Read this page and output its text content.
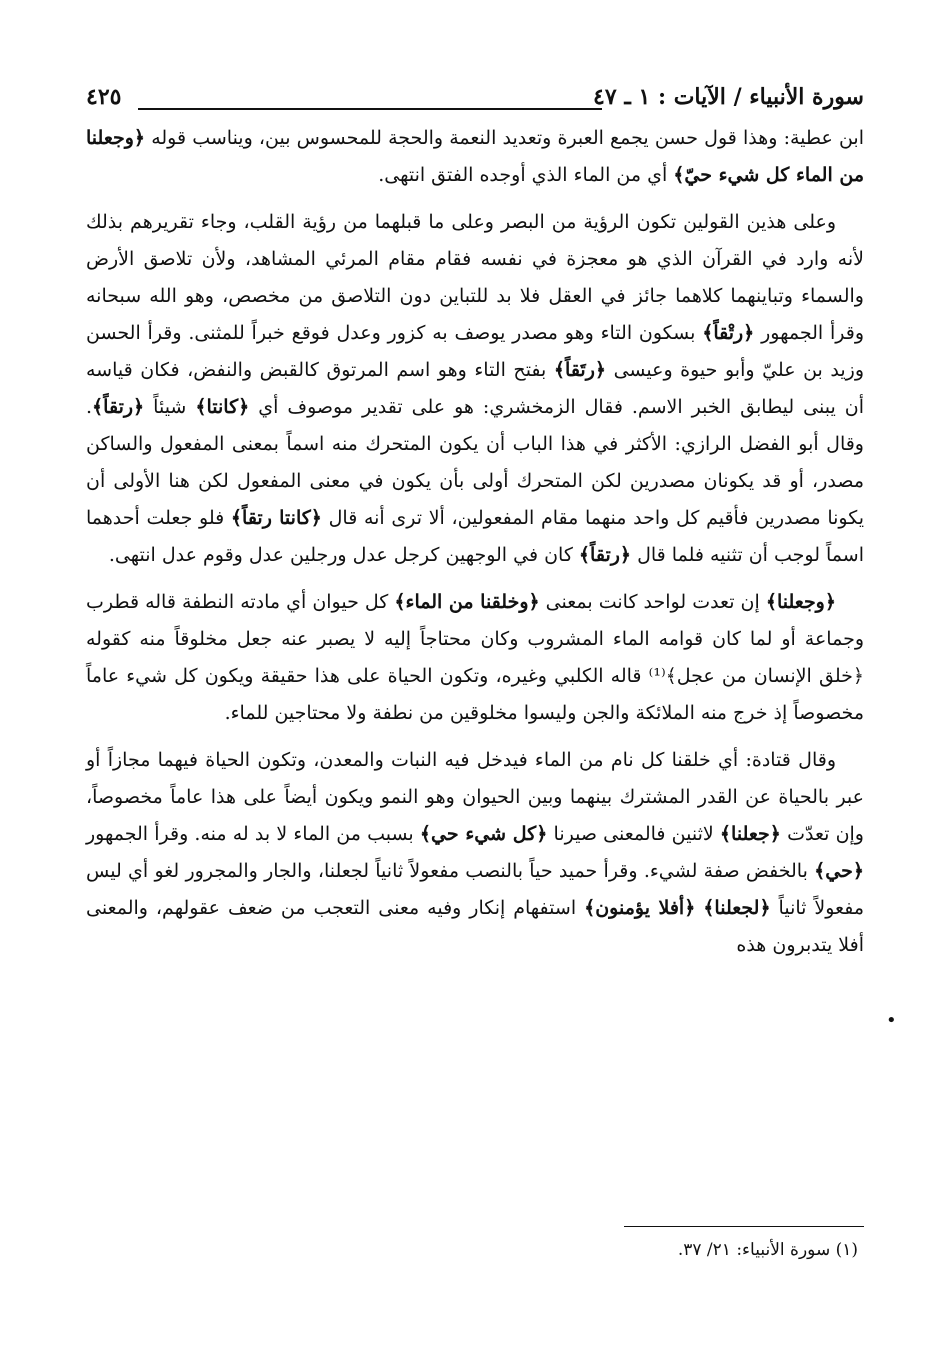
سورة الأنبياء / الآيات : ١ ـ ٤٧
٤٢٥

ابن عطية: وهذا قول حسن يجمع العبرة وتعديد النعمة والحجة للمحسوس بين، ويناسب قوله ﴿وجعلنا من الماء كل شيء حيّ﴾ أي من الماء الذي أوجده الفتق انتهى.

وعلى هذين القولين تكون الرؤية من البصر وعلى ما قبلهما من رؤية القلب، وجاء تقريرهم بذلك لأنه وارد في القرآن الذي هو معجزة في نفسه فقام مقام المرئي المشاهد، ولأن تلاصق الأرض والسماء وتباينهما كلاهما جائز في العقل فلا بد للتباين دون التلاصق من مخصص، وهو الله سبحانه وقرأ الجمهور ﴿رتْقاً﴾ بسكون التاء وهو مصدر يوصف به كزور وعدل فوقع خبراً للمثنى. وقرأ الحسن وزيد بن عليّ وأبو حيوة وعيسى ﴿رتَقاً﴾ بفتح التاء وهو اسم المرتوق كالقبض والنفض، فكان قياسه أن يبنى ليطابق الخبر الاسم. فقال الزمخشري: هو على تقدير موصوف أي ﴿كانتا﴾ شيئاً ﴿رتقاً﴾. وقال أبو الفضل الرازي: الأكثر في هذا الباب أن يكون المتحرك منه اسماً بمعنى المفعول والساكن مصدر، أو قد يكونان مصدرين لكن المتحرك أولى بأن يكون في معنى المفعول لكن هنا الأولى أن يكونا مصدرين فأقيم كل واحد منهما مقام المفعولين، ألا ترى أنه قال ﴿كانتا رتقاً﴾ فلو جعلت أحدهما اسماً لوجب أن تثنيه فلما قال ﴿رتقاً﴾ كان في الوجهين كرجل عدل ورجلين عدل وقوم عدل انتهى.

﴿وجعلنا﴾ إن تعدت لواحد كانت بمعنى ﴿وخلقنا من الماء﴾ كل حيوان أي مادته النطفة قاله قطرب وجماعة أو لما كان قوامه الماء المشروب وكان محتاجاً إليه لا يصبر عنه جعل مخلوقاً منه كقوله ﴿خلق الإنسان من عجل﴾⁽¹⁾ قاله الكلبي وغيره، وتكون الحياة على هذا حقيقة ويكون كل شيء عاماً مخصوصاً إذ خرج منه الملائكة والجن وليسوا مخلوقين من نطفة ولا محتاجين للماء.

وقال قتادة: أي خلقنا كل نام من الماء فيدخل فيه النبات والمعدن، وتكون الحياة فيهما مجازاً أو عبر بالحياة عن القدر المشترك بينهما وبين الحيوان وهو النمو ويكون أيضاً على هذا عاماً مخصوصاً، وإن تعدّت ﴿جعلنا﴾ لاثنين فالمعنى صيرنا ﴿كل شيء حي﴾ بسبب من الماء لا بد له منه. وقرأ الجمهور ﴿حي﴾ بالخفض صفة لشيء. وقرأ حميد حياً بالنصب مفعولاً ثانياً لجعلنا، والجار والمجرور لغو أي ليس مفعولاً ثانياً ﴿لجعلنا﴾ ﴿أفلا يؤمنون﴾ استفهام إنكار وفيه معنى التعجب من ضعف عقولهم، والمعنى أفلا يتدبرون هذه

•
(١) سورة الأنبياء: ٢١/ ٣٧.
